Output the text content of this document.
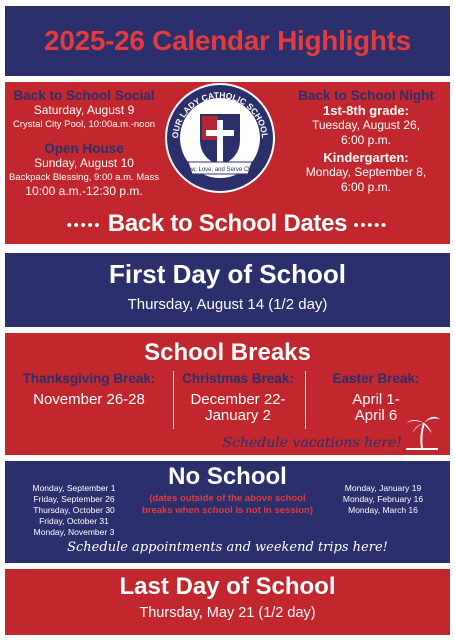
2025-26 Calendar Highlights
Back to School Social
Saturday, August 9
Crystal City Pool, 10:00a.m.-noon
Open House
Sunday, August 10
Backpack Blessing, 9:00 a.m. Mass
10:00 a.m.-12:30 p.m.
OUR LADY CATHOLIC SCHOOL
Know, Love, and Serve Christ
Back to School Night
1st-8th grade:
Tuesday, August 26,
6:00 p.m.
Kindergarten:
Monday, September 8,
6:00 p.m.
••••• Back to School Dates •••••
First Day of School
Thursday, August 14 (1/2 day)
School Breaks
Thanksgiving Break:
November 26-28
Christmas Break:
December 22-
January 2
Easter Break:
April 1-
April 6
Schedule vacations here!
Monday, September 1
Friday, September 26
Thursday, October 30
Friday, October 31
Monday, November 3
No School
(dates outside of the above school breaks when school is not in session)
Monday, January 19
Monday, February 16
Monday, March 16
Schedule appointments and weekend trips here!
Last Day of School
Thursday, May 21 (1/2 day)
